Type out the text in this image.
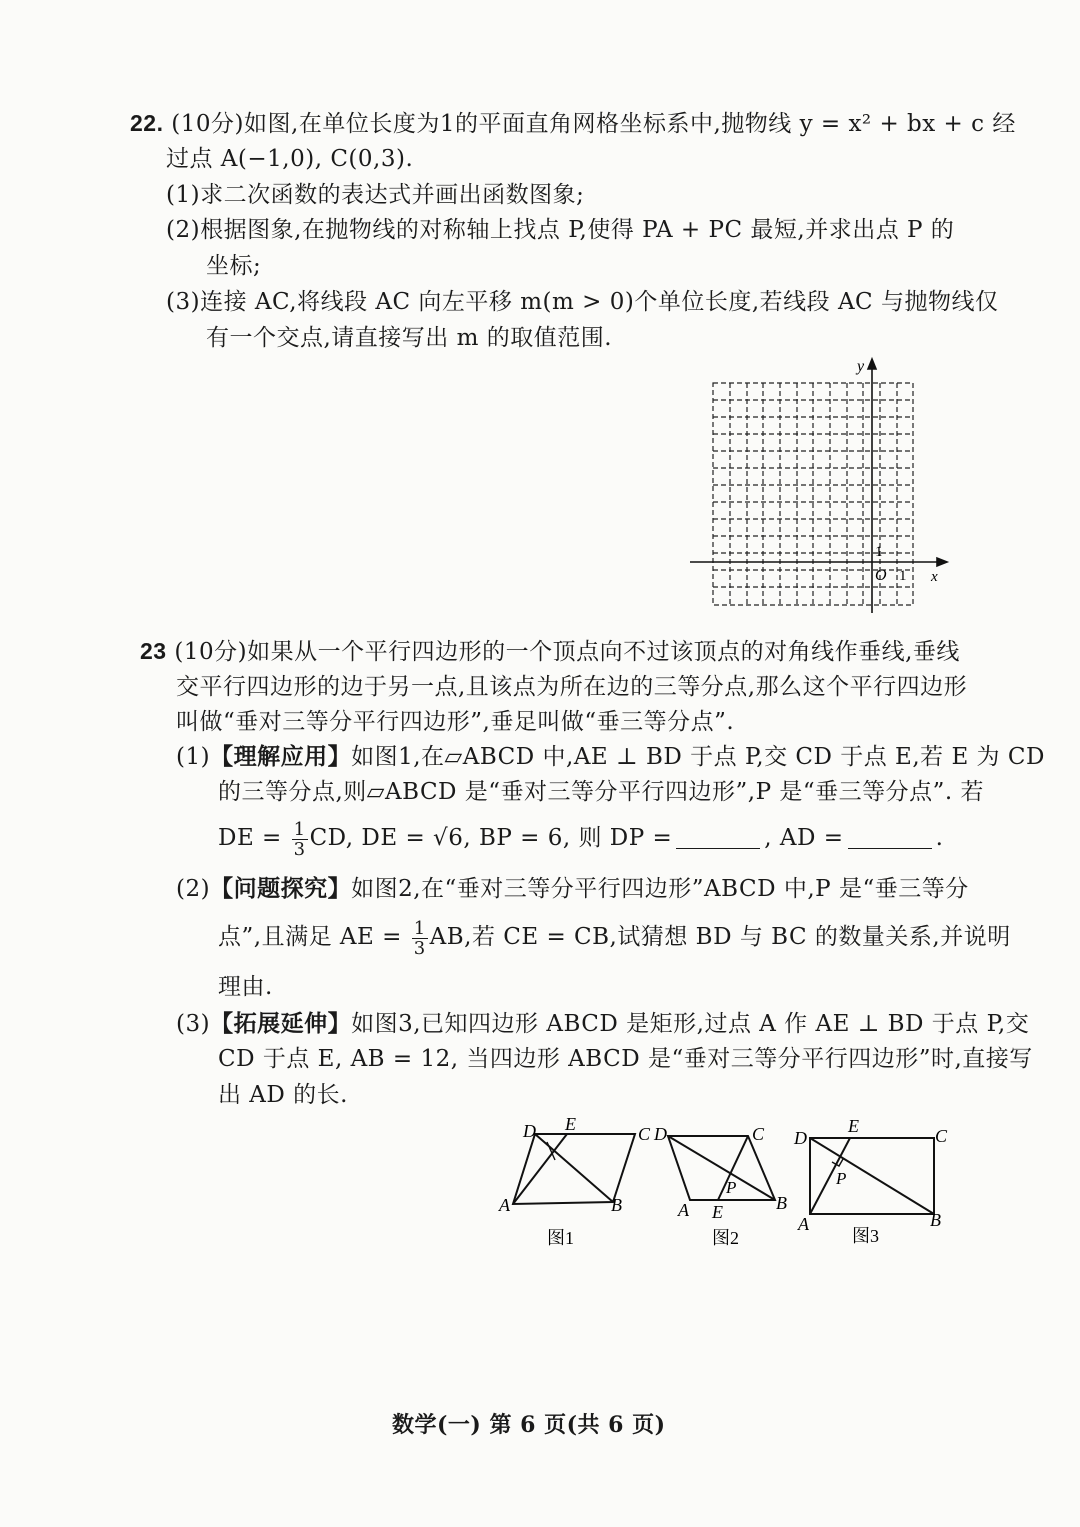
22. (10分)如图,在单位长度为1的平面直角网格坐标系中,抛物线 y = x² + bx + c 经
过点 A(−1,0), C(0,3).
(1)求二次函数的表达式并画出函数图象;
(2)根据图象,在抛物线的对称轴上找点 P,使得 PA + PC 最短,并求出点 P 的
坐标;
(3)连接 AC,将线段 AC 向左平移 m(m > 0)个单位长度,若线段 AC 与抛物线仅
有一个交点,请直接写出 m 的取值范围.
y
x
1
O 1
23 (10分)如果从一个平行四边形的一个顶点向不过该顶点的对角线作垂线,垂线
交平行四边形的边于另一点,且该点为所在边的三等分点,那么这个平行四边形
叫做“垂对三等分平行四边形”,垂足叫做“垂三等分点”.
(1)【理解应用】如图1,在▱ABCD 中,AE ⊥ BD 于点 P,交 CD 于点 E,若 E 为 CD
的三等分点,则▱ABCD 是“垂对三等分平行四边形”,P 是“垂三等分点”. 若
DE = $\frac{1}{3}$ CD, DE = √6, BP = 6, 则 DP =	, AD =	.
(2)【问题探究】如图2,在“垂对三等分平行四边形”ABCD 中,P 是“垂三等分
点”,且满足 AE = $\frac{1}{3}$ AB,若 CE = CB,试猜想 BD 与 BC 的数量关系,并说明
理由.
(3)【拓展延伸】如图3,已知四边形 ABCD 是矩形,过点 A 作 AE ⊥ BD 于点 P,交
CD 于点 E, AB = 12, 当四边形 ABCD 是“垂对三等分平行四边形”时,直接写
出 AD 的长.
D E	C
A	B
图1
D	C
P
A E	B
图2
D
E	C
P
A	B
图3
数学(一) 第 6 页(共 6 页)
